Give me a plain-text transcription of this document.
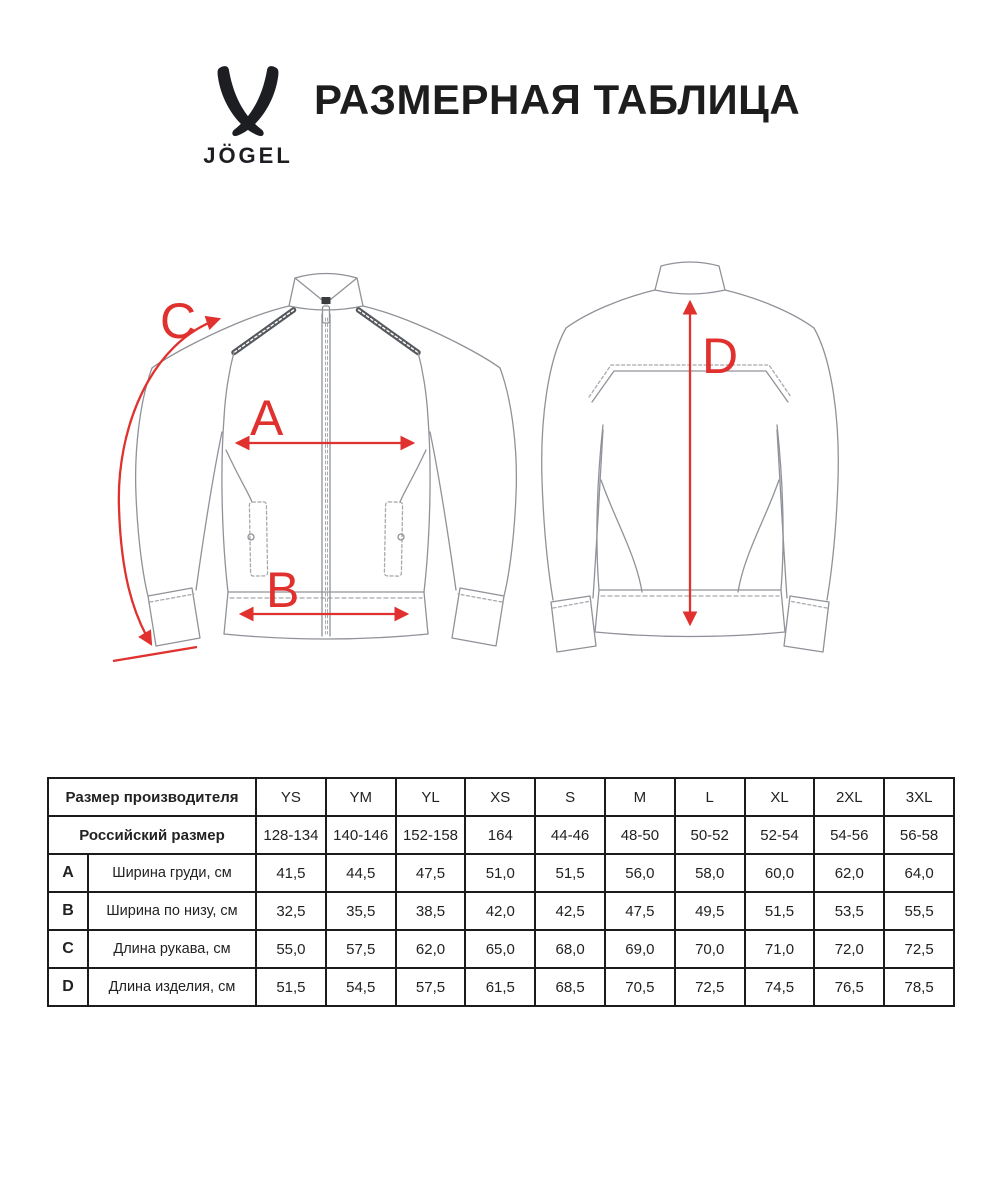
JÖGEL
РАЗМЕРНАЯ ТАБЛИЦА
A
B
C
D
Размер производителя		YS	YM	YL	XS	S	M	L	XL	2XL	3XL
Российский размер		128-134	140-146	152-158	164	44-46	48-50	50-52	52-54	54-56	56-58
A	Ширина груди, см	41,5	44,5	47,5	51,0	51,5	56,0	58,0	60,0	62,0	64,0
B	Ширина по низу, см	32,5	35,5	38,5	42,0	42,5	47,5	49,5	51,5	53,5	55,5
C	Длина рукава, см	55,0	57,5	62,0	65,0	68,0	69,0	70,0	71,0	72,0	72,5
D	Длина изделия, см	51,5	54,5	57,5	61,5	68,5	70,5	72,5	74,5	76,5	78,5
